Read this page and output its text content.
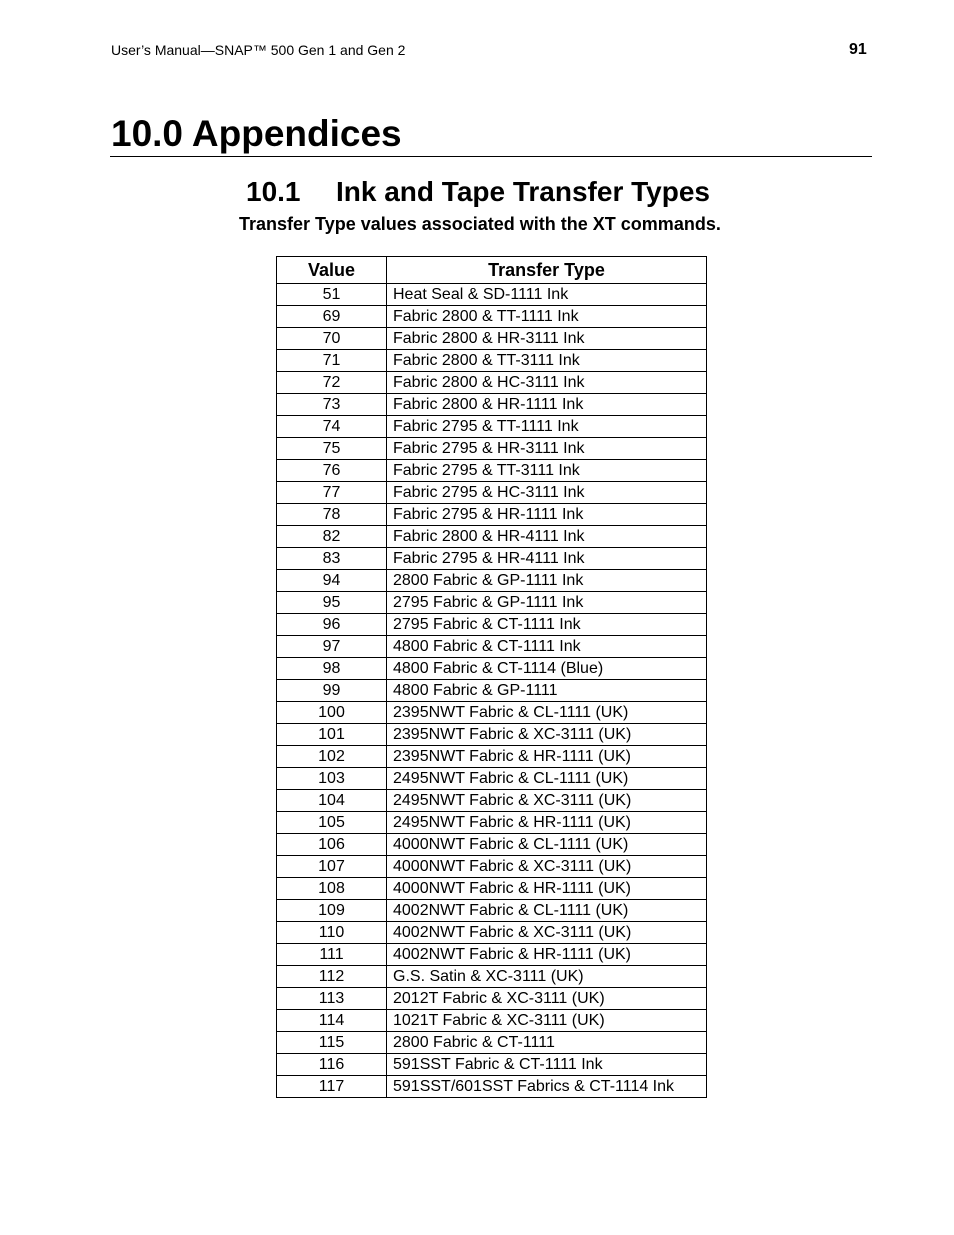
User’s Manual—SNAP™ 500 Gen 1 and Gen 2	91
10.0 Appendices
10.1 Ink and Tape Transfer Types
Transfer Type values associated with the XT commands.
Value	Transfer Type
51	Heat Seal & SD-1111 Ink
69	Fabric 2800 & TT-1111 Ink
70	Fabric 2800 & HR-3111 Ink
71	Fabric 2800 & TT-3111 Ink
72	Fabric 2800 & HC-3111 Ink
73	Fabric 2800 & HR-1111 Ink
74	Fabric 2795 & TT-1111 Ink
75	Fabric 2795 & HR-3111 Ink
76	Fabric 2795 & TT-3111 Ink
77	Fabric 2795 & HC-3111 Ink
78	Fabric 2795 & HR-1111 Ink
82	Fabric 2800 & HR-4111 Ink
83	Fabric 2795 & HR-4111 Ink
94	2800 Fabric & GP-1111 Ink
95	2795 Fabric & GP-1111 Ink
96	2795 Fabric & CT-1111 Ink
97	4800 Fabric & CT-1111 Ink
98	4800 Fabric & CT-1114 (Blue)
99	4800 Fabric & GP-1111
100	2395NWT Fabric & CL-1111 (UK)
101	2395NWT Fabric & XC-3111 (UK)
102	2395NWT Fabric & HR-1111 (UK)
103	2495NWT Fabric & CL-1111 (UK)
104	2495NWT Fabric & XC-3111 (UK)
105	2495NWT Fabric & HR-1111 (UK)
106	4000NWT Fabric & CL-1111 (UK)
107	4000NWT Fabric & XC-3111 (UK)
108	4000NWT Fabric & HR-1111 (UK)
109	4002NWT Fabric & CL-1111 (UK)
110	4002NWT Fabric & XC-3111 (UK)
111	4002NWT Fabric & HR-1111 (UK)
112	G.S. Satin & XC-3111 (UK)
113	2012T Fabric & XC-3111 (UK)
114	1021T Fabric & XC-3111 (UK)
115	2800 Fabric & CT-1111
116	591SST Fabric & CT-1111 Ink
117	591SST/601SST Fabrics & CT-1114 Ink
